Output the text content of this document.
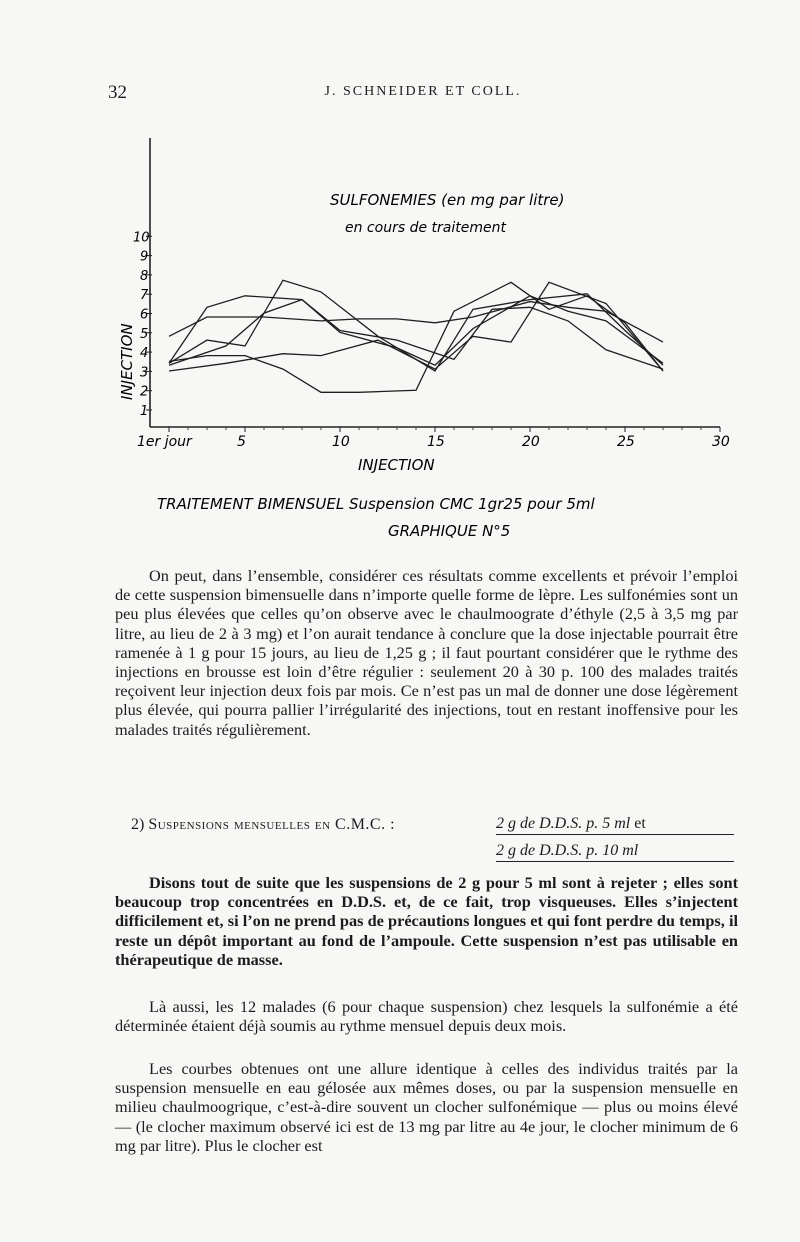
32	J. SCHNEIDER ET COLL.
1er jour	5	10	15	20	25	30
1
2
3
4
5
6
7
8
9
10
SULFONEMIES (en mg par litre)
en cours de traitement
INJECTION
INJECTION
TRAITEMENT BIMENSUEL Suspension CMC 1gr25 pour 5ml
GRAPHIQUE N°5

On peut, dans l’ensemble, considérer ces résultats comme excellents et prévoir l’emploi de cette suspension bimensuelle dans n’importe quelle forme de lèpre. Les sulfonémies sont un peu plus élevées que celles qu’on observe avec le chaulmoograte d’éthyle (2,5 à 3,5 mg par litre, au lieu de 2 à 3 mg) et l’on aurait tendance à conclure que la dose injectable pourrait être ramenée à 1 g pour 15 jours, au lieu de 1,25 g ; il faut pourtant considérer que le rythme des injections en brousse est loin d’être régulier : seulement 20 à 30 p. 100 des malades traités reçoivent leur injection deux fois par mois. Ce n’est pas un mal de donner une dose légèrement plus élevée, qui pourra pallier l’irrégularité des injections, tout en restant inoffensive pour les malades traités régulièrement.

2) Suspensions mensuelles en C.M.C. :	2 g de D.D.S. p. 5 ml et
2 g de D.D.S. p. 10 ml

Disons tout de suite que les suspensions de 2 g pour 5 ml sont à rejeter ; elles sont beaucoup trop concentrées en D.D.S. et, de ce fait, trop visqueuses. Elles s’injectent difficilement et, si l’on ne prend pas de précautions longues et qui font perdre du temps, il reste un dépôt important au fond de l’ampoule. Cette suspension n’est pas utilisable en thérapeutique de masse.

Là aussi, les 12 malades (6 pour chaque suspension) chez lesquels la sulfonémie a été déterminée étaient déjà soumis au rythme mensuel depuis deux mois.

Les courbes obtenues ont une allure identique à celles des individus traités par la suspension mensuelle en eau gélosée aux mêmes doses, ou par la suspension mensuelle en milieu chaulmoogrique, c’est-à-dire souvent un clocher sulfonémique — plus ou moins élevé — (le clocher maximum observé ici est de 13 mg par litre au 4e jour, le clocher minimum de 6 mg par litre). Plus le clocher est
